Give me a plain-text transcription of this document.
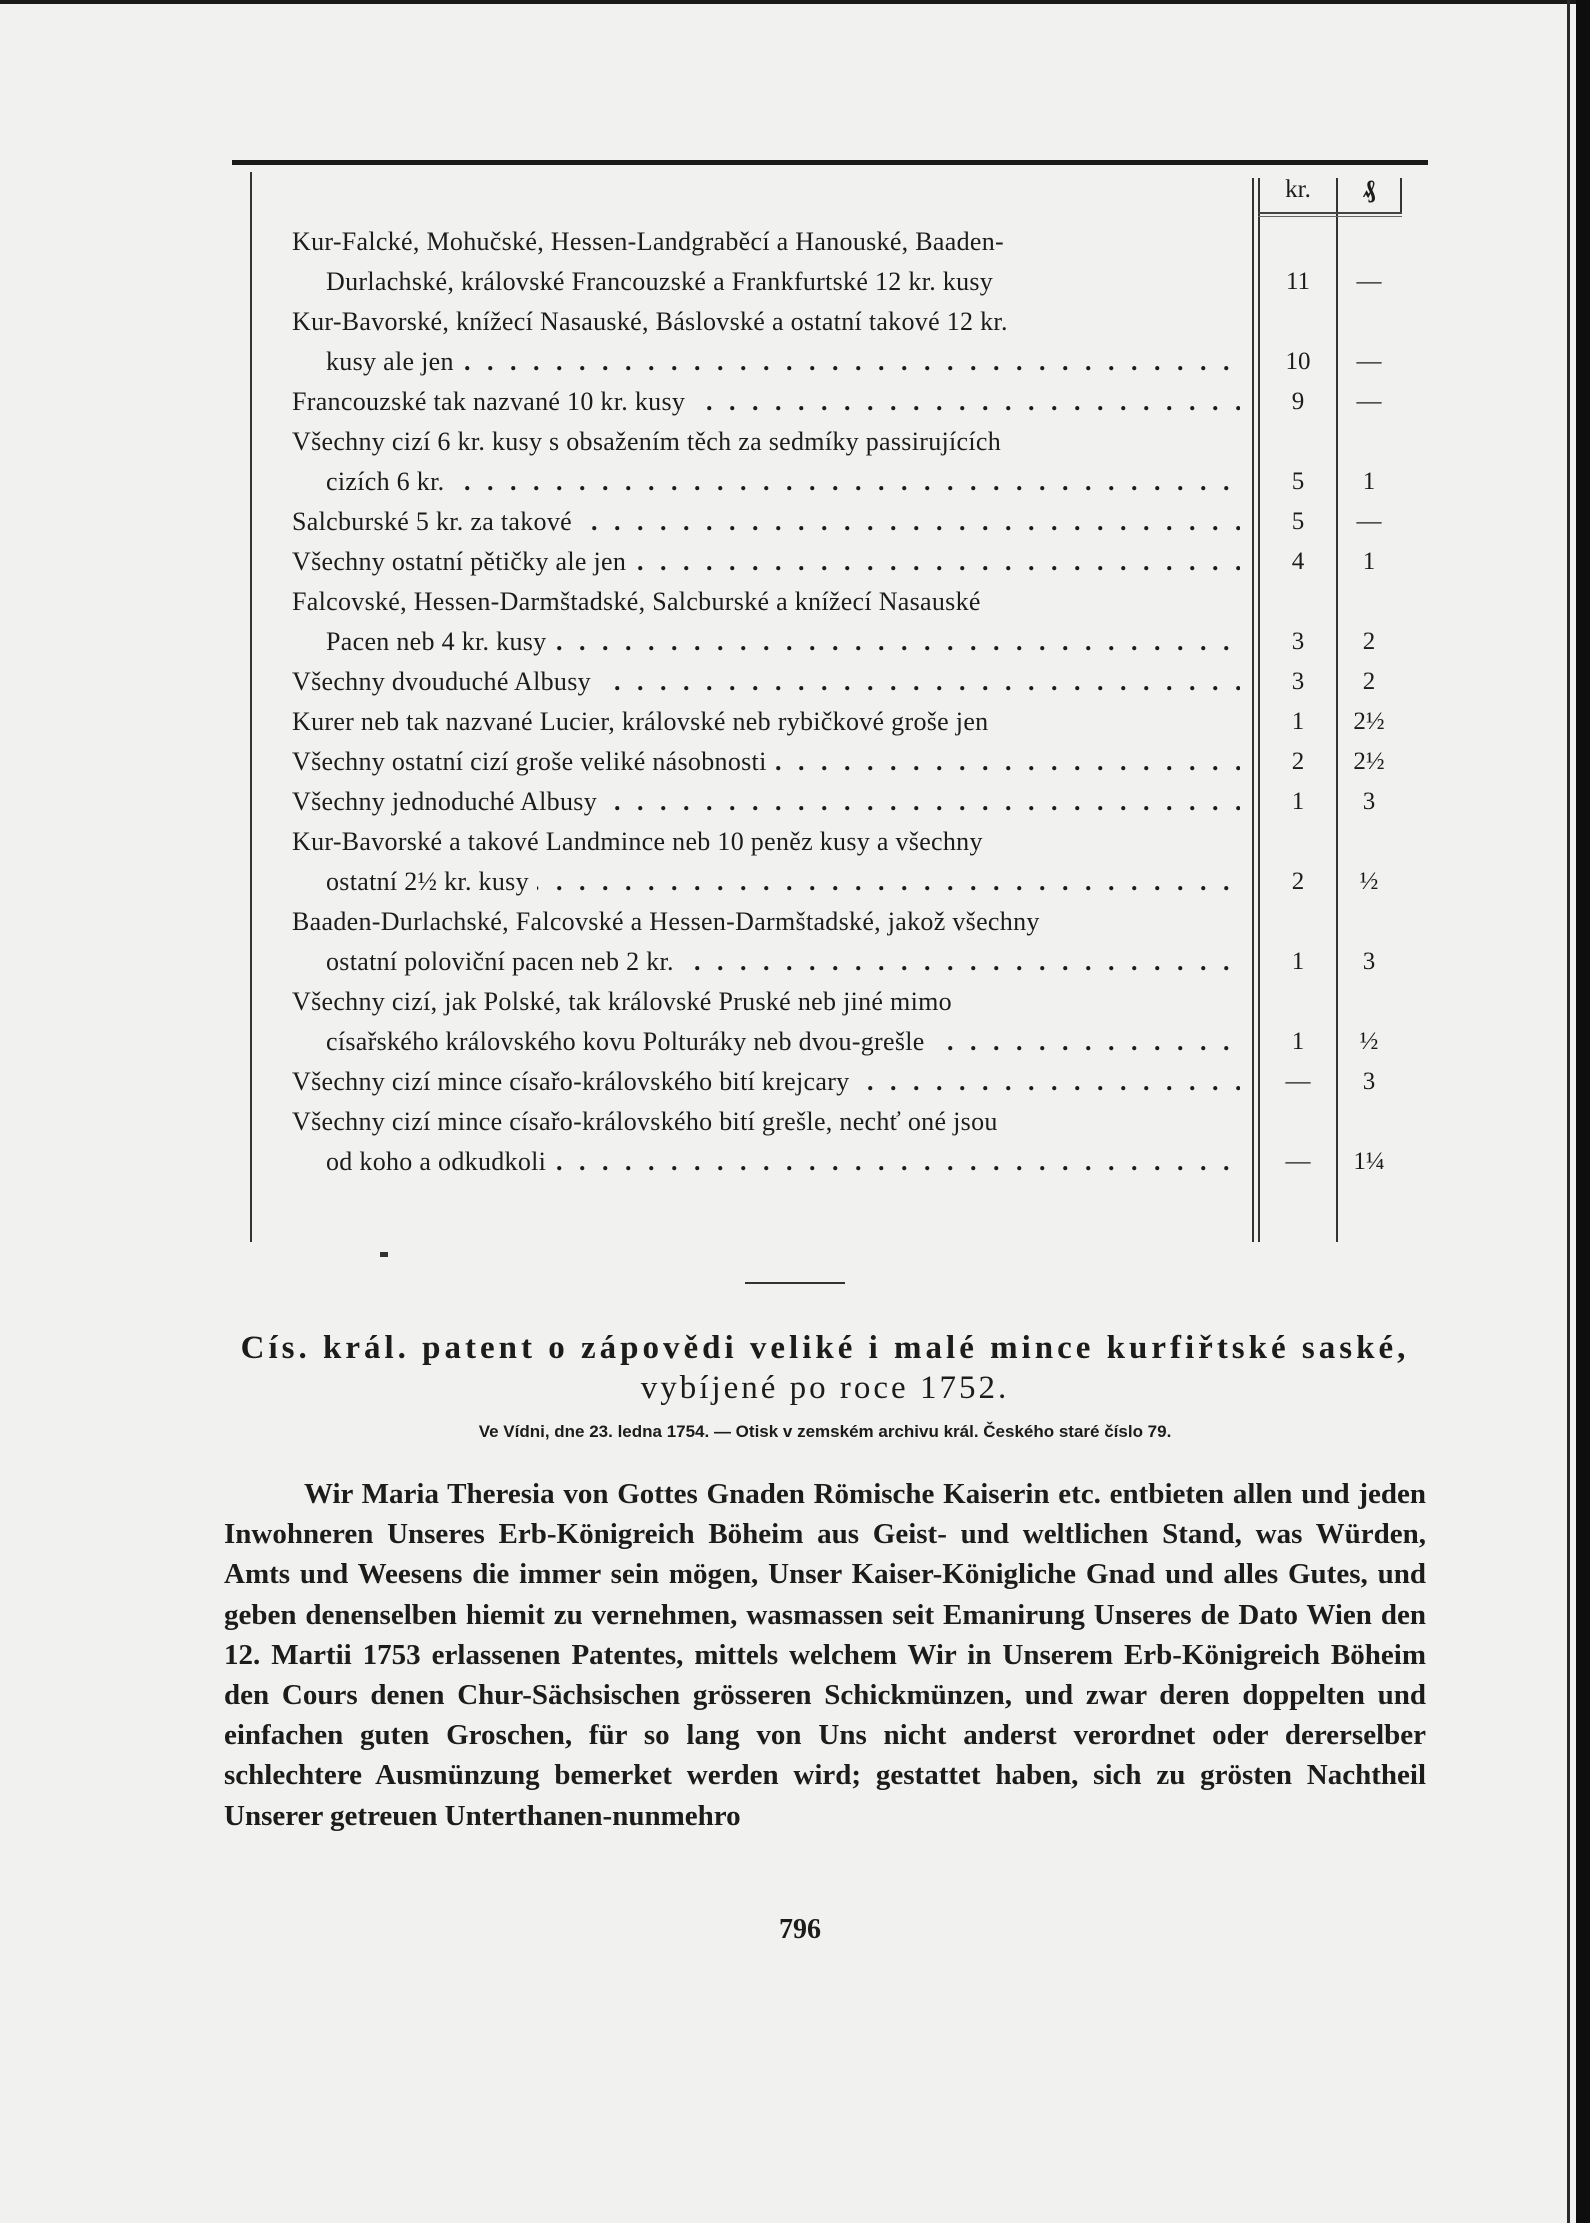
kr.	₰
Kur-Falcké, Mohučské, Hessen-Landgraběcí a Hanouské, Baaden-
Durlachské, královské Francouzské a Frankfurtské 12 kr. kusy	11	—
Kur-Bavorské, knížecí Nasauské, Báslovské a ostatní takové 12 kr.
kusy ale jen . . .	10	—
Francouzské tak nazvané 10 kr. kusy . . .	9	—
Všechny cizí 6 kr. kusy s obsažením těch za sedmíky passirujících
cizích 6 kr. . . .	5	1
Salcburské 5 kr. za takové . . .	5	—
Všechny ostatní pětičky ale jen . . .	4	1
Falcovské, Hessen-Darmštadské, Salcburské a knížecí Nasauské
Pacen neb 4 kr. kusy . . .	3	2
Všechny dvouduché Albusy . . .	3	2
Kurer neb tak nazvané Lucier, královské neb rybičkové groše jen	1	2½
Všechny ostatní cizí groše veliké násobnosti . . .	2	2½
Všechny jednoduché Albusy . . .	1	3
Kur-Bavorské a takové Landmince neb 10 peněz kusy a všechny
ostatní 2½ kr. kusy . . .	2	½
Baaden-Durlachské, Falcovské a Hessen-Darmštadské, jakož všechny
ostatní poloviční pacen neb 2 kr. . . .	1	3
Všechny cizí, jak Polské, tak královské Pruské neb jiné mimo
císařského královského kovu Polturáky neb dvou-grešle . . .	1	½
Všechny cizí mince císařo-královského bití krejcary . . .	—	3
Všechny cizí mince císařo-královského bití grešle, nechť oné jsou
od koho a odkudkoli . . .	—	1¼
Cís. král. patent o zápovědi veliké i malé mince kurfiřtské saské,
vybíjené po roce 1752.
Ve Vídni, dne 23. ledna 1754. — Otisk v zemském archivu král. Českého staré číslo 79.

Wir Maria Theresia von Gottes Gnaden Römische Kaiserin etc. entbieten allen und jeden Inwohneren Unseres Erb-Königreich Böheim aus Geist- und weltlichen Stand, was Würden, Amts und Weesens die immer sein mögen, Unser Kaiser-Königliche Gnad und alles Gutes, und geben denenselben hiemit zu vernehmen, wasmassen seit Emanirung Unseres de Dato Wien den 12. Martii 1753 erlassenen Patentes, mittels welchem Wir in Unserem Erb-Königreich Böheim den Cours denen Chur-Sächsischen grösseren Schickmünzen, und zwar deren doppelten und einfachen guten Groschen, für so lang von Uns nicht anderst verordnet oder dererselber schlechtere Ausmünzung bemerket werden wird; gestattet haben, sich zu grösten Nachtheil Unserer getreuen Unterthanen-nunmehro

796
